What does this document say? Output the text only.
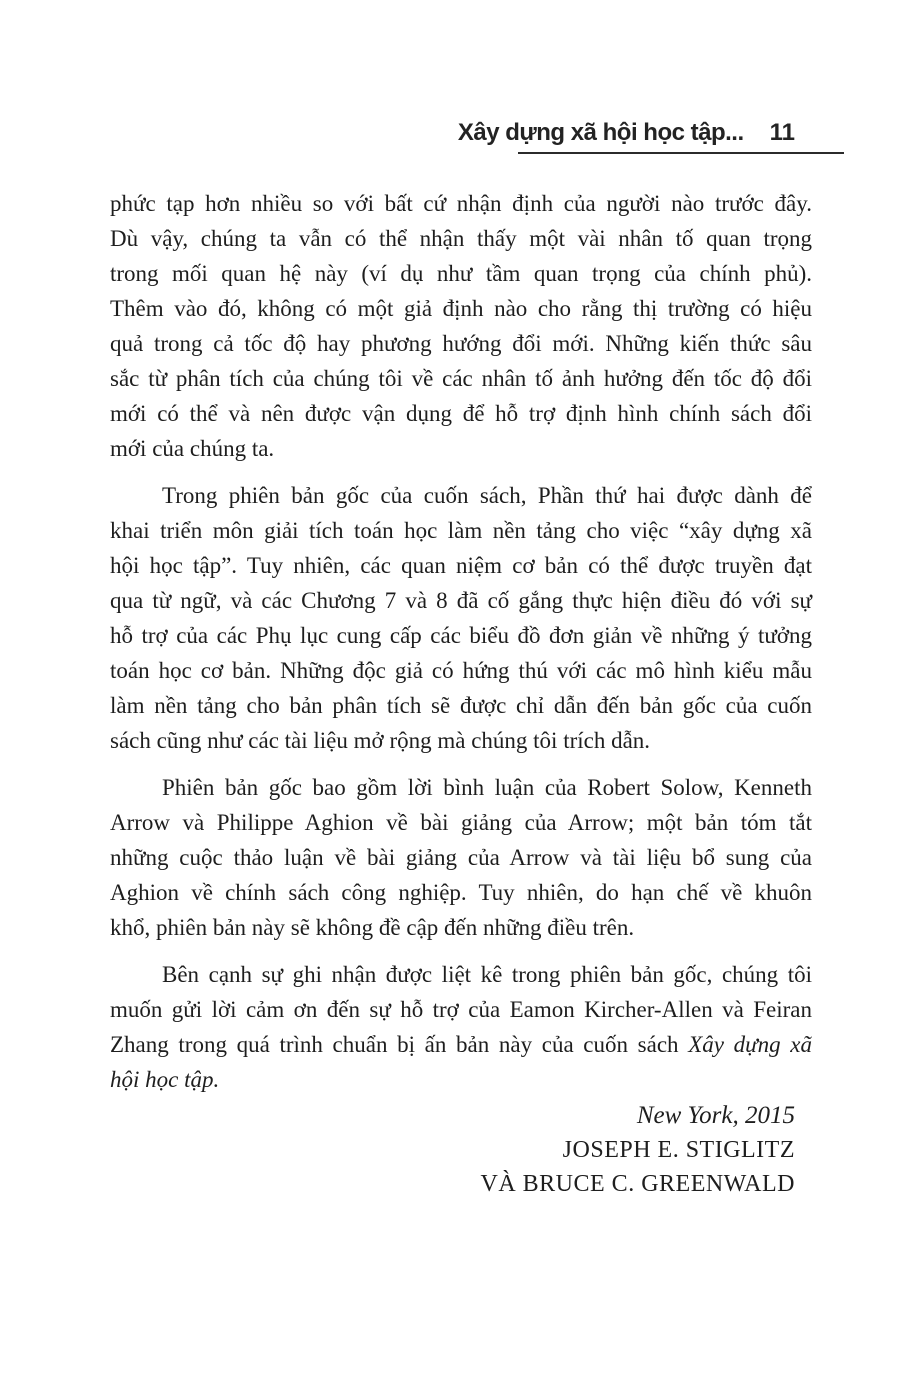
Xây dựng xã hội học tập... 11

phức tạp hơn nhiều so với bất cứ nhận định của người nào trước đây.
Dù vậy, chúng ta vẫn có thể nhận thấy một vài nhân tố quan trọng
trong mối quan hệ này (ví dụ như tầm quan trọng của chính phủ).
Thêm vào đó, không có một giả định nào cho rằng thị trường có hiệu
quả trong cả tốc độ hay phương hướng đổi mới. Những kiến thức sâu
sắc từ phân tích của chúng tôi về các nhân tố ảnh hưởng đến tốc độ đổi
mới có thể và nên được vận dụng để hỗ trợ định hình chính sách đổi
mới của chúng ta.

Trong phiên bản gốc của cuốn sách, Phần thứ hai được dành để
khai triển môn giải tích toán học làm nền tảng cho việc “xây dựng xã
hội học tập”. Tuy nhiên, các quan niệm cơ bản có thể được truyền đạt
qua từ ngữ, và các Chương 7 và 8 đã cố gắng thực hiện điều đó với sự
hỗ trợ của các Phụ lục cung cấp các biểu đồ đơn giản về những ý tưởng
toán học cơ bản. Những độc giả có hứng thú với các mô hình kiểu mẫu
làm nền tảng cho bản phân tích sẽ được chỉ dẫn đến bản gốc của cuốn
sách cũng như các tài liệu mở rộng mà chúng tôi trích dẫn.

Phiên bản gốc bao gồm lời bình luận của Robert Solow, Kenneth
Arrow và Philippe Aghion về bài giảng của Arrow; một bản tóm tắt
những cuộc thảo luận về bài giảng của Arrow và tài liệu bổ sung của
Aghion về chính sách công nghiệp. Tuy nhiên, do hạn chế về khuôn
khổ, phiên bản này sẽ không đề cập đến những điều trên.

Bên cạnh sự ghi nhận được liệt kê trong phiên bản gốc, chúng tôi
muốn gửi lời cảm ơn đến sự hỗ trợ của Eamon Kircher-Allen và Feiran
Zhang trong quá trình chuẩn bị ấn bản này của cuốn sách Xây dựng xã
hội học tập.

New York, 2015
JOSEPH E. STIGLITZ
VÀ BRUCE C. GREENWALD
